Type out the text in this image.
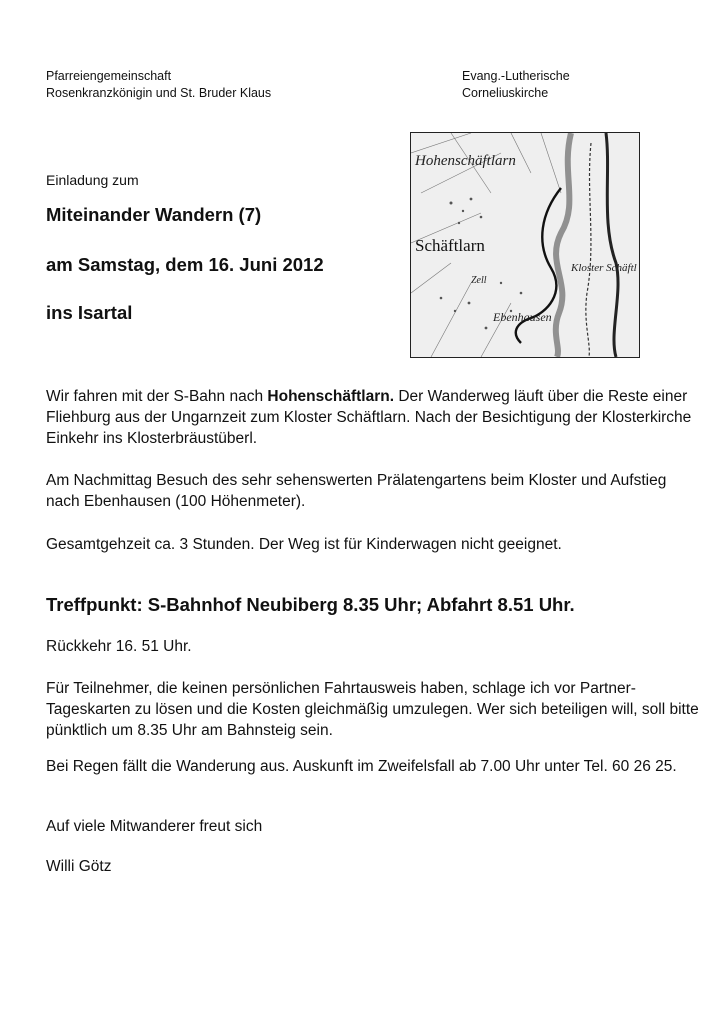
Pfarreiengemeinschaft
Rosenkranzkönigin und St. Bruder Klaus
Evang.-Lutherische
Corneliuskirche
Einladung zum
Miteinander Wandern (7)
am Samstag, dem 16. Juni 2012
ins Isartal
Hohenschäftlarn
Schäftlarn
Kloster Schäftl
Ebenhausen
Zell

Wir fahren mit der S-Bahn nach Hohenschäftlarn. Der Wanderweg läuft über die Reste einer Fliehburg aus der Ungarnzeit zum Kloster Schäftlarn. Nach der Besichtigung der Klosterkirche Einkehr ins Klosterbräustüberl.

Am Nachmittag Besuch des sehr sehenswerten Prälatengartens beim Kloster und Aufstieg nach Ebenhausen (100 Höhenmeter).
Gesamtgehzeit ca. 3 Stunden. Der Weg ist für Kinderwagen nicht geeignet.
Treffpunkt: S-Bahnhof Neubiberg 8.35 Uhr; Abfahrt 8.51 Uhr.
Rückkehr 16. 51 Uhr.
Für Teilnehmer, die keinen persönlichen Fahrtausweis haben, schlage ich vor Partner-Tageskarten zu lösen und die Kosten gleichmäßig umzulegen. Wer sich beteiligen will, soll bitte pünktlich um 8.35 Uhr am Bahnsteig sein.
Bei Regen fällt die Wanderung aus. Auskunft im Zweifelsfall ab 7.00 Uhr unter Tel. 60 26 25.
Auf viele Mitwanderer freut sich
Willi Götz
